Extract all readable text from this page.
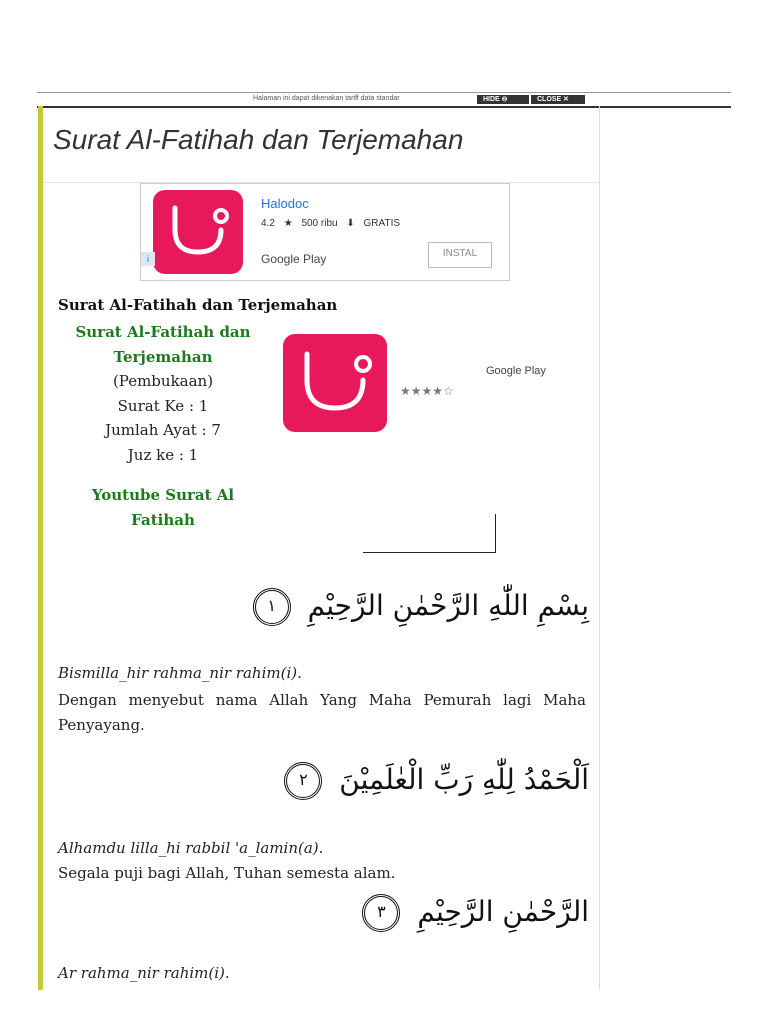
Halaman ini dapat dikenakan tariff data standar	HIDE ⊖	CLOSE ✕
Surat Al-Fatihah dan Terjemahan
Halodoc
4.2 ★ 500 ribu ⬇ GRATIS
Google Play	INSTAL
i
Surat Al-Fatihah dan Terjemahan
Surat Al-Fatihah dan Terjemahan
(Pembukaan)
Surat Ke : 1
Jumlah Ayat : 7
Juz ke : 1
Youtube Surat Al Fatihah
★★★★☆
Google Play
بِسْمِ اللّٰهِ الرَّحْمٰنِ الرَّحِيْمِ ١
Bismilla_hir rahma_nir rahim(i).
Dengan menyebut nama Allah Yang Maha Pemurah lagi Maha Penyayang.
اَلْحَمْدُ لِلّٰهِ رَبِّ الْعٰلَمِيْنَ ٢
Alhamdu lilla_hi rabbil 'a_lamin(a).
Segala puji bagi Allah, Tuhan semesta alam.
الرَّحْمٰنِ الرَّحِيْمِ ٣
Ar rahma_nir rahim(i).
